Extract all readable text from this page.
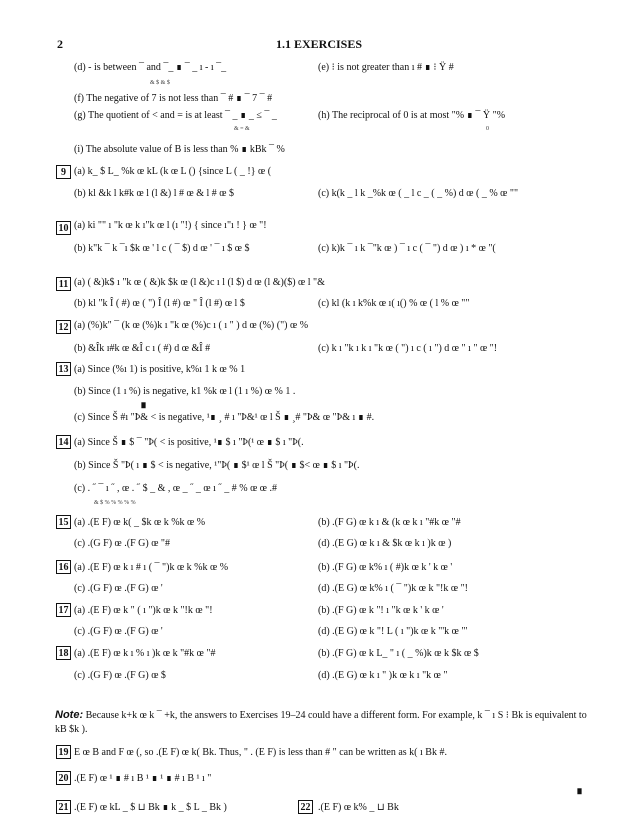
2	1.1 EXERCISES
(d) - is between ¯ and ¯_ ∎ ¯ _ ı - ı ¯_	(e) ⁝ is not greater than ı # ∎ ⁝ Ÿ #
& $ & $
(f) The negative of 7 is not less than ¯ # ∎ ¯ 7 ¯ #
(g) The quotient of < and = is at least ¯ _ ∎ _ ≤ ¯ _	(h) The reciprocal of 0 is at most "% ∎ ¯ Ÿ "%
& = &	0
(i) The absolute value of B is less than % ∎ kBk ¯ %
9 (a) k_ $ L_ %k œ kL (k œ L () {since L ( _ !} œ (
(b) kl &k l k#k œ l (l &) l # œ & l # œ $	(c) k(k _ l k _%k œ ( _ l c _ ( _ %) d œ ( _ % œ ""
10 (a) ki "" ı "k œ k ı"k œ l (ı "!) { since ı"ı ! } œ "!
(b) k"k ¯ k ¯ı $k œ ' l c ( ¯ $) d œ ' ¯ ı $ œ $	(c) k)k ¯ ı k ¯"k œ ) ¯ ı c ( ¯ ") d œ ) ı * œ "(
11 (a) ( &)k$ ı "k œ ( &)k $k œ (l &)c ı l (l $) d œ (l &)($) œ l "&
(b) kl "k Î ( #) œ ( ") Î (l #) œ " Î (l #) œ l $	(c) kl (k ı k%k œ ı( ı() % œ ( l % œ ""
12 (a) (%)k" ¯ (k œ (%)k ı "k œ (%)c ı ( ı " ) d œ (%) (") œ %
(b) &Îk ı#k œ &Î c ı ( #) d œ &Î #	(c) k ı "k ı k ı "k œ ( ") ı c ( ı ") d œ " ı " œ "!
13 (a) Since (%ı 1) is positive, k%ı 1 k œ % 1
(b) Since (1 ı %) is negative, k1 %k œ l (1 ı %) œ % 1 .
∎
(c) Since Š #ı "Þ& < is negative, ¹∎ ¸ # ı "Þ&¹ œ l Š ∎ ¸# "Þ& œ "Þ& ı ∎ #.
14 (a) Since Š ∎ $ ¯ "Þ( < is positive, ¹∎ $ ı "Þ(¹ œ ∎ $ ı "Þ(.
(b) Since Š "Þ( ı ∎ $ < is negative, ¹"Þ( ∎ $¹ œ l Š "Þ( ∎ $< œ ∎ $ ı "Þ(.
(c) . ˝ ¯ ı ˝ , œ . ˝ $ _ & , œ _ ˝ _ œ ı ˝ _ # % œ œ .#
& $ % % % % %
15 (a) .(E F) œ k( _ $k œ k %k œ %	(b) .(F G) œ k ı & (k œ k ı "#k œ "#
(c) .(G F) œ .(F G) œ "#	(d) .(E G) œ k ı & $k œ k ı )k œ )
16 (a) .(E F) œ k ı # ı ( ¯ ")k œ k %k œ %	(b) .(F G) œ k% ı ( #)k œ k ' k œ '
(c) .(G F) œ .(F G) œ '	(d) .(E G) œ k% ı ( ¯ ")k œ k "!k œ "!
17 (a) .(E F) œ k " ( ı ")k œ k "!k œ "!	(b) .(F G) œ k "! ı "k œ k ' k œ '
(c) .(G F) œ .(F G) œ '	(d) .(E G) œ k "! L ( ı ")k œ k "'k œ "'
18 (a) .(E F) œ k ı % ı )k œ k "#k œ "#	(b) .(F G) œ k L_ " ı ( _ %)k œ k $k œ $
(c) .(G F) œ .(F G) œ $	(d) .(E G) œ k ı " )k œ k ı "k œ "
Note: Because k+k œ k ¯ +k, the answers to Exercises 19–24 could have a different form. For example, k ¯ ı S ⁝ Bk is equivalent to kB $k ).
19 E œ B and F œ (, so .(E F) œ k( Bk. Thus, " . (E F) is less than # " can be written as k( ı Bk #.
20 .(E F) œ ¹ ∎ # ı B ¹ ∎ ¹ ∎ # ı B ¹ ı "
∎
21 .(E F) œ kL _ $ ⊔ Bk ∎ k _ $ L _ Bk )	22 .(E F) œ k% _ ⊔ Bk
